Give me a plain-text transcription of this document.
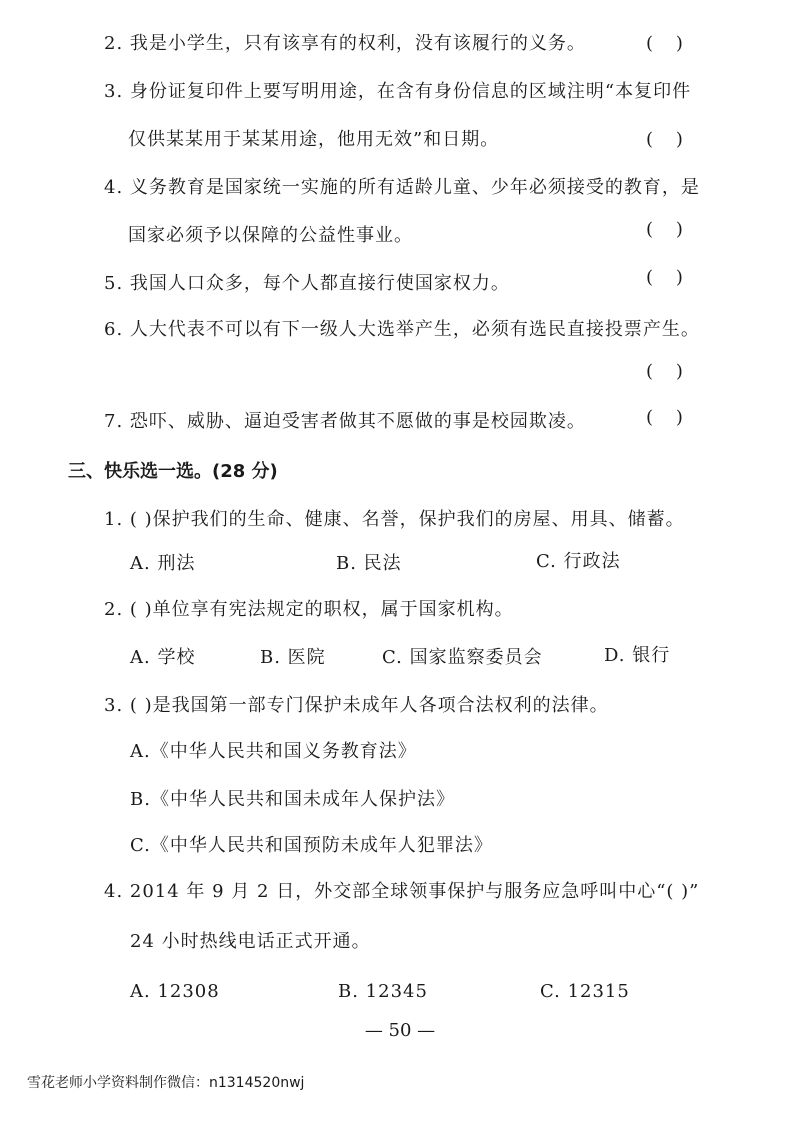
2. 我是小学生，只有该享有的权利，没有该履行的义务。	(    )
3. 身份证复印件上要写明用途，在含有身份信息的区域注明“本复印件
仅供某某用于某某用途，他用无效”和日期。	(    )
4. 义务教育是国家统一实施的所有适龄儿童、少年必须接受的教育，是
国家必须予以保障的公益性事业。	(    )
5. 我国人口众多，每个人都直接行使国家权力。	(    )
6. 人大代表不可以有下一级人大选举产生，必须有选民直接投票产生。
(    )
7. 恐吓、威胁、逼迫受害者做其不愿做的事是校园欺凌。	(    )
三、快乐选一选。(28 分)
1. ( )保护我们的生命、健康、名誉，保护我们的房屋、用具、储蓄。
A. 刑法	B. 民法	C. 行政法
2. ( )单位享有宪法规定的职权，属于国家机构。
A. 学校	B. 医院	C. 国家监察委员会	D. 银行
3. ( )是我国第一部专门保护未成年人各项合法权利的法律。
A.《中华人民共和国义务教育法》
B.《中华人民共和国未成年人保护法》
C.《中华人民共和国预防未成年人犯罪法》
4. 2014 年 9 月 2 日，外交部全球领事保护与服务应急呼叫中心“( )”
24 小时热线电话正式开通。
A. 12308	B. 12345	C. 12315
— 50 —
雪花老师小学资料制作微信：n1314520nwj
